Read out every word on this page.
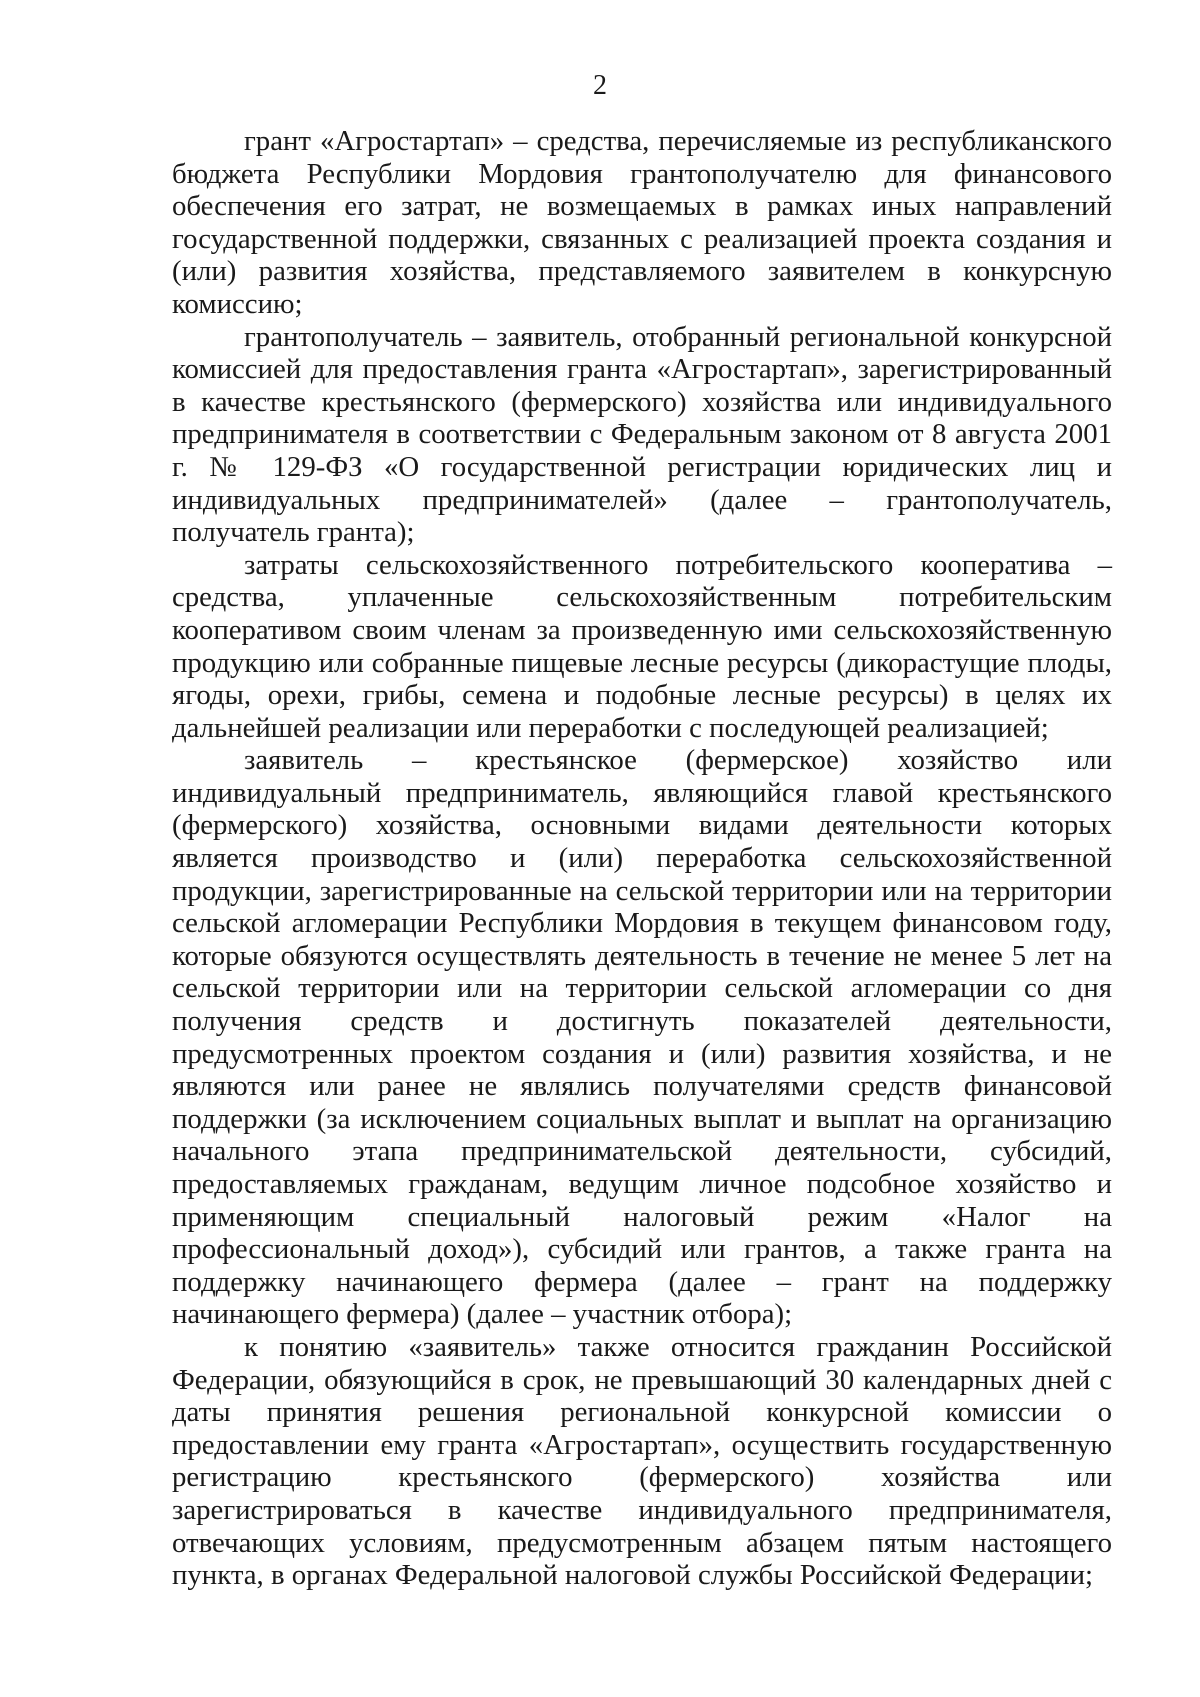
2

грант «Агростартап» – средства, перечисляемые из республиканского бюджета Республики Мордовия грантополучателю для финансового обеспечения его затрат, не возмещаемых в рамках иных направлений государственной поддержки, связанных с реализацией проекта создания и (или) развития хозяйства, представляемого заявителем в конкурсную комиссию;

грантополучатель – заявитель, отобранный региональной конкурсной комиссией для предоставления гранта «Агростартап», зарегистрированный в качестве крестьянского (фермерского) хозяйства или индивидуального предпринимателя в соответствии с Федеральным законом от 8 августа 2001 г. № 129-ФЗ «О государственной регистрации юридических лиц и индивидуальных предпринимателей» (далее – грантополучатель, получатель гранта);

затраты сельскохозяйственного потребительского кооператива – средства, уплаченные сельскохозяйственным потребительским кооперативом своим членам за произведенную ими сельскохозяйственную продукцию или собранные пищевые лесные ресурсы (дикорастущие плоды, ягоды, орехи, грибы, семена и подобные лесные ресурсы) в целях их дальнейшей реализации или переработки с последующей реализацией;

заявитель – крестьянское (фермерское) хозяйство или индивидуальный предприниматель, являющийся главой крестьянского (фермерского) хозяйства, основными видами деятельности которых является производство и (или) переработка сельскохозяйственной продукции, зарегистрированные на сельской территории или на территории сельской агломерации Республики Мордовия в текущем финансовом году, которые обязуются осуществлять деятельность в течение не менее 5 лет на сельской территории или на территории сельской агломерации со дня получения средств и достигнуть показателей деятельности, предусмотренных проектом создания и (или) развития хозяйства, и не являются или ранее не являлись получателями средств финансовой поддержки (за исключением социальных выплат и выплат на организацию начального этапа предпринимательской деятельности, субсидий, предоставляемых гражданам, ведущим личное подсобное хозяйство и применяющим специальный налоговый режим «Налог на профессиональный доход»), субсидий или грантов, а также гранта на поддержку начинающего фермера (далее – грант на поддержку начинающего фермера) (далее – участник отбора);

к понятию «заявитель» также относится гражданин Российской Федерации, обязующийся в срок, не превышающий 30 календарных дней с даты принятия решения региональной конкурсной комиссии о предоставлении ему гранта «Агростартап», осуществить государственную регистрацию крестьянского (фермерского) хозяйства или зарегистрироваться в качестве индивидуального предпринимателя, отвечающих условиям, предусмотренным абзацем пятым настоящего пункта, в органах Федеральной налоговой службы Российской Федерации;
